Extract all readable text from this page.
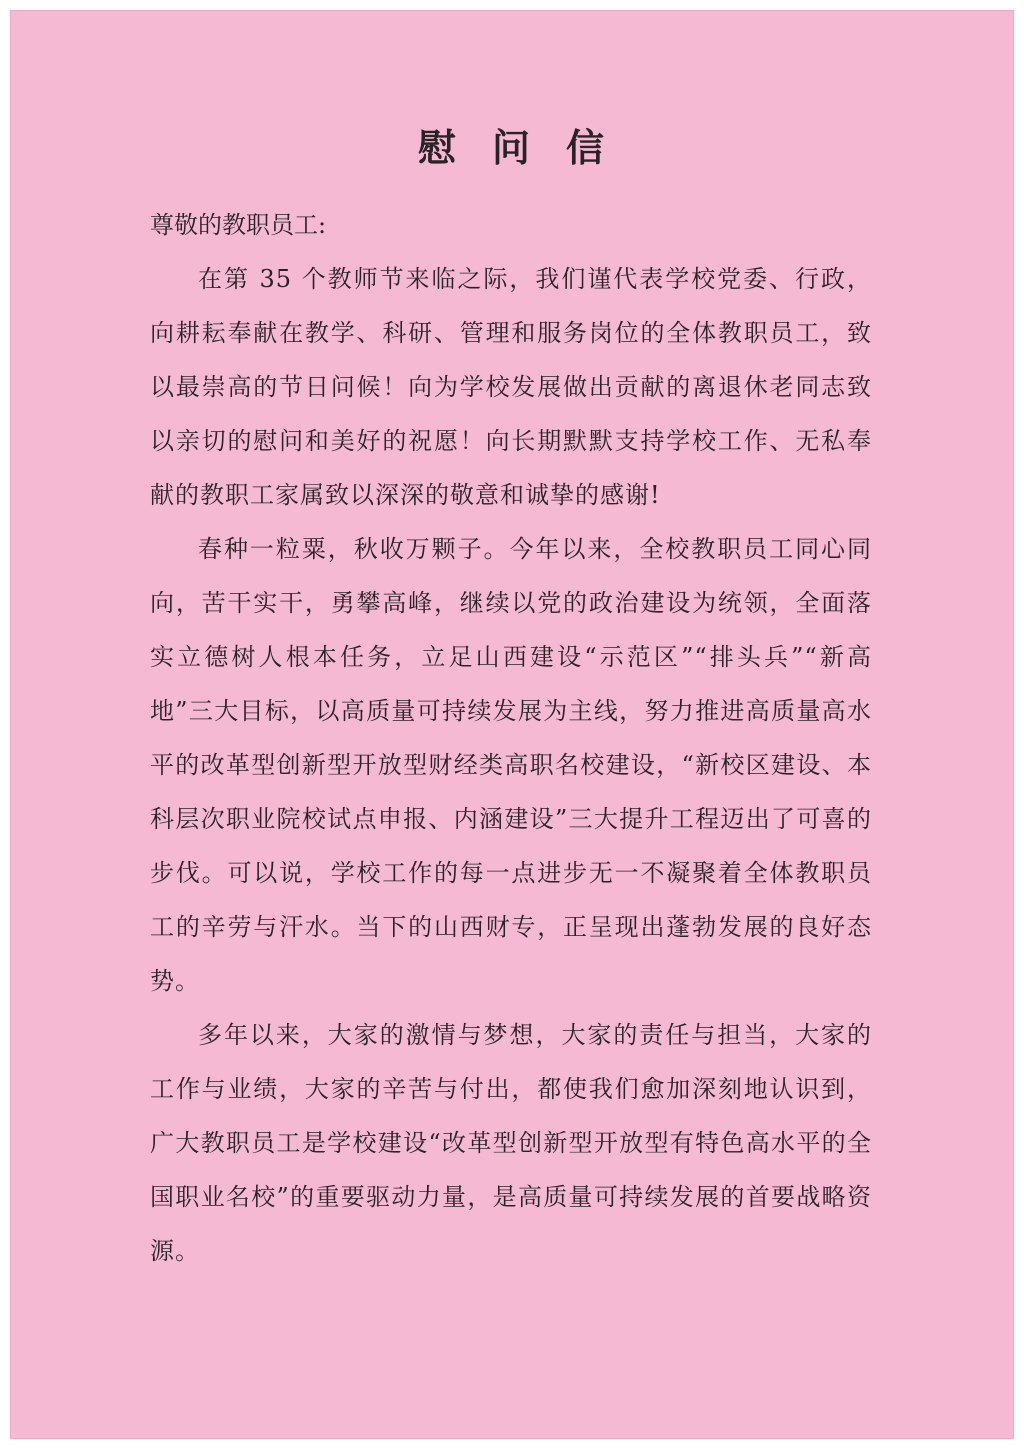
慰问信

尊敬的教职员工:

在第 35 个教师节来临之际，我们谨代表学校党委、行政，向耕耘奉献在教学、科研、管理和服务岗位的全体教职员工，致以最崇高的节日问候！向为学校发展做出贡献的离退休老同志致以亲切的慰问和美好的祝愿！向长期默默支持学校工作、无私奉献的教职工家属致以深深的敬意和诚挚的感谢!

春种一粒粟，秋收万颗子。今年以来，全校教职员工同心同向，苦干实干，勇攀高峰，继续以党的政治建设为统领，全面落实立德树人根本任务，立足山西建设“示范区”“排头兵”“新高地”三大目标，以高质量可持续发展为主线，努力推进高质量高水平的改革型创新型开放型财经类高职名校建设，“新校区建设、本科层次职业院校试点申报、内涵建设”三大提升工程迈出了可喜的步伐。可以说，学校工作的每一点进步无一不凝聚着全体教职员工的辛劳与汗水。当下的山西财专，正呈现出蓬勃发展的良好态势。

多年以来，大家的激情与梦想，大家的责任与担当，大家的工作与业绩，大家的辛苦与付出，都使我们愈加深刻地认识到，广大教职员工是学校建设“改革型创新型开放型有特色高水平的全国职业名校”的重要驱动力量，是高质量可持续发展的首要战略资源。
